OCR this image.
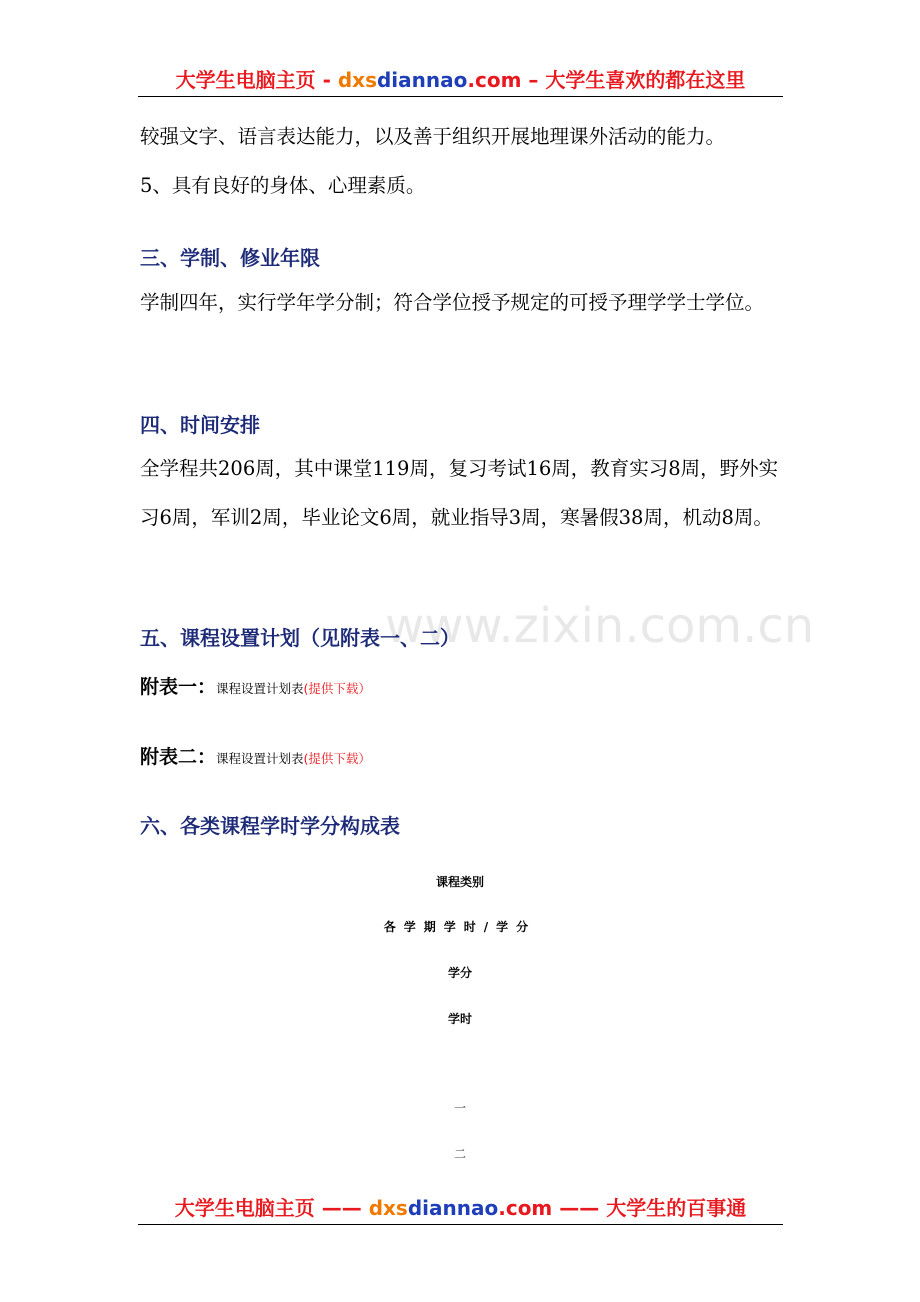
大学生电脑主页 - dxsdiannao.com – 大学生喜欢的都在这里

较强文字、语言表达能力，以及善于组织开展地理课外活动的能力。

5、具有良好的身体、心理素质。

三、学制、修业年限

学制四年，实行学年学分制；符合学位授予规定的可授予理学学士学位。

四、时间安排

全学程共206周，其中课堂119周，复习考试16周，教育实习8周，野外实习6周，军训2周，毕业论文6周，就业指导3周，寒暑假38周，机动8周。

www.zixin.com.cn

五、课程设置计划（见附表一、二）

附表一：课程设置计划表(提供下载）

附表二：课程设置计划表(提供下载）

六、各类课程学时学分构成表

课程类别

各学期学时/学分

学分

学时

一

二

大学生电脑主页 —— dxsdiannao.com —— 大学生的百事通
